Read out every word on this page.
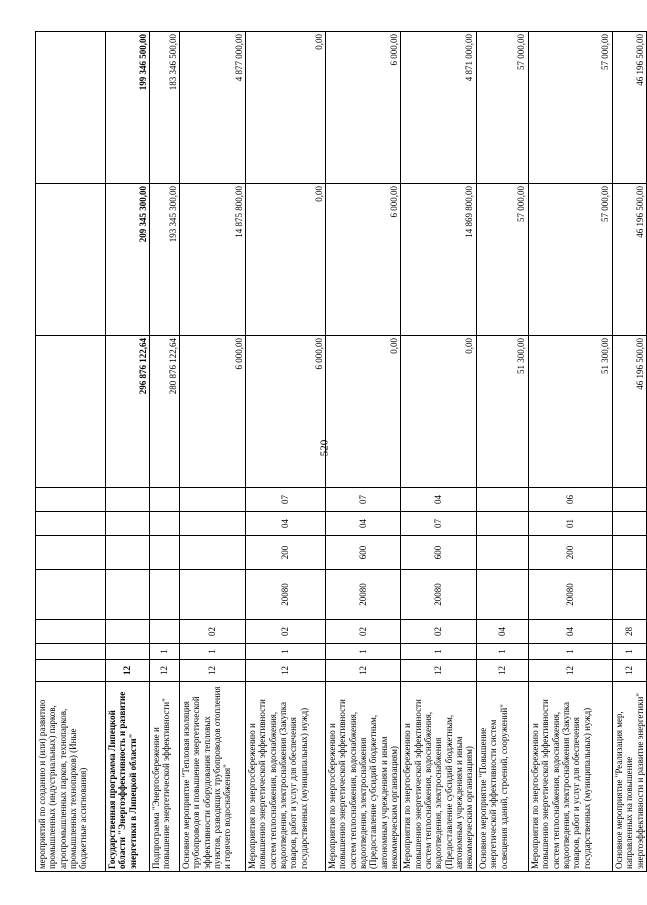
520
мероприятий по созданию и (или) развитию промышленных (индустриальных) парков, агропромышленных парков, технопарков, промышленных технопарков) (Иные бюджетные ассигнования)										
Государственная программа Липецкой области "Энергоэффективность и развитие энергетики в Липецкой области"	12							296 876 122,64	209 345 300,00	199 346 500,00
Подпрограмма "Энергосбережение и повышение энергетической эффективности"	12	1						280 876 122,64	193 345 300,00	183 346 500,00
Основное мероприятие "Тепловая изоляция трубопроводов и повышение энергетической эффективности оборудования тепловых пунктов, разводящих трубопроводов отопления и горячего водоснабжения"	12	1	02					6 000,00	14 875 800,00	4 877 000,00
Мероприятия по энергосбережению и повышению энергетической эффективности систем теплоснабжения, водоснабжения, водоотведения, электроснабжения (Закупка товаров, работ и услуг для обеспечения государственных (муниципальных) нужд)	12	1	02	20080	200	04	07	6 000,00	0,00	0,00
Мероприятия по энергосбережению и повышению энергетической эффективности систем теплоснабжения, водоснабжения, водоотведения, электроснабжения (Предоставление субсидий бюджетным, автономным учреждениям и иным некоммерческим организациям)	12	1	02	20080	600	04	07	0,00	6 000,00	6 000,00
Мероприятия по энергосбережению и повышению энергетической эффективности систем теплоснабжения, водоснабжения, водоотведения, электроснабжения (Предоставление субсидий бюджетным, автономным учреждениям и иным некоммерческим организациям)	12	1	02	20080	600	07	04	0,00	14 869 800,00	4 871 000,00
Основное мероприятие "Повышение энергетической эффективности систем освещения зданий, строений, сооружений"	12	1	04					51 300,00	57 000,00	57 000,00
Мероприятия по энергосбережению и повышению энергетической эффективности систем теплоснабжения, водоснабжения, водоотведения, электроснабжения (Закупка товаров, работ и услуг для обеспечения государственных (муниципальных) нужд)	12	1	04	20080	200	01	06	51 300,00	57 000,00	57 000,00
Основное мероприятие "Реализация мер, направленных на повышение энергоэффективности и развитие энергетики"	12	1	28					46 196 500,00	46 196 500,00	46 196 500,00
